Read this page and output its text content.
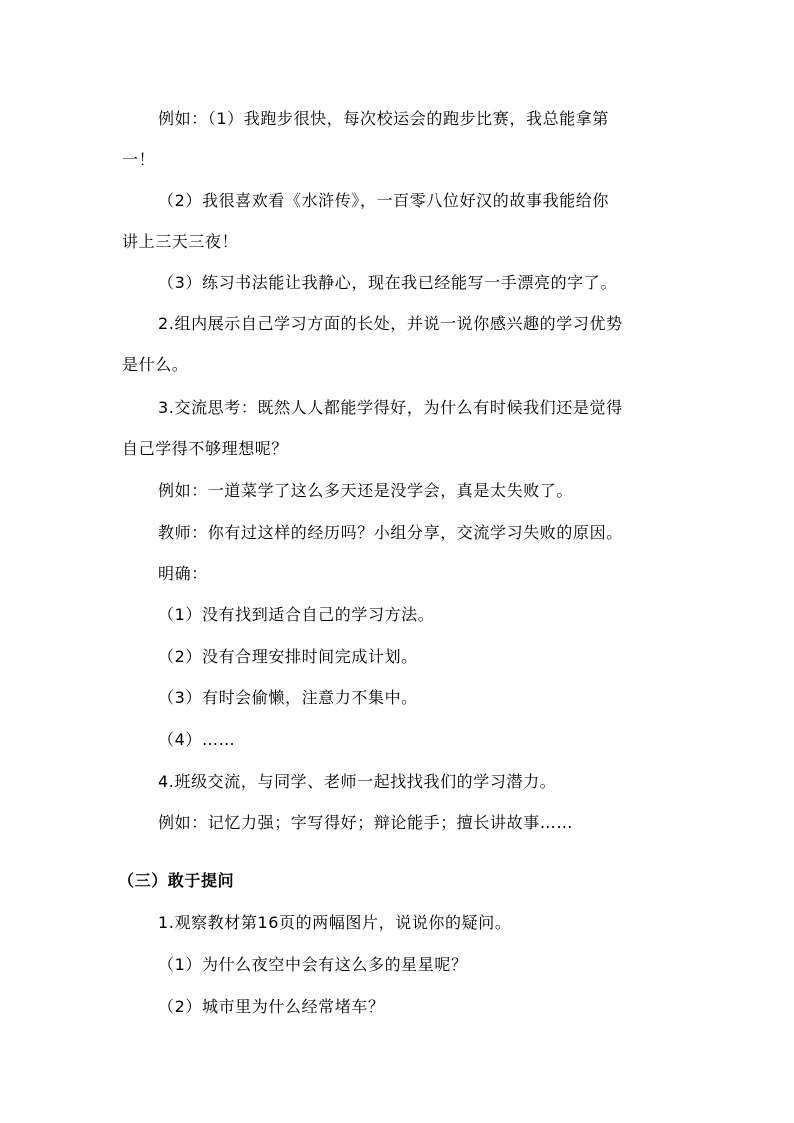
例如：（1）我跑步很快，每次校运会的跑步比赛，我总能拿第
一！
（2）我很喜欢看《水浒传》，一百零八位好汉的故事我能给你
讲上三天三夜！
（3）练习书法能让我静心，现在我已经能写一手漂亮的字了。
2.组内展示自己学习方面的长处，并说一说你感兴趣的学习优势
是什么。
3.交流思考：既然人人都能学得好，为什么有时候我们还是觉得
自己学得不够理想呢？
例如：一道菜学了这么多天还是没学会，真是太失败了。
教师：你有过这样的经历吗？小组分享，交流学习失败的原因。
明确：
（1）没有找到适合自己的学习方法。
（2）没有合理安排时间完成计划。
（3）有时会偷懒，注意力不集中。
（4）……
4.班级交流，与同学、老师一起找找我们的学习潜力。
例如：记忆力强；字写得好；辩论能手；擅长讲故事……
（三）敢于提问
1.观察教材第16页的两幅图片，说说你的疑问。
（1）为什么夜空中会有这么多的星星呢？
（2）城市里为什么经常堵车？
